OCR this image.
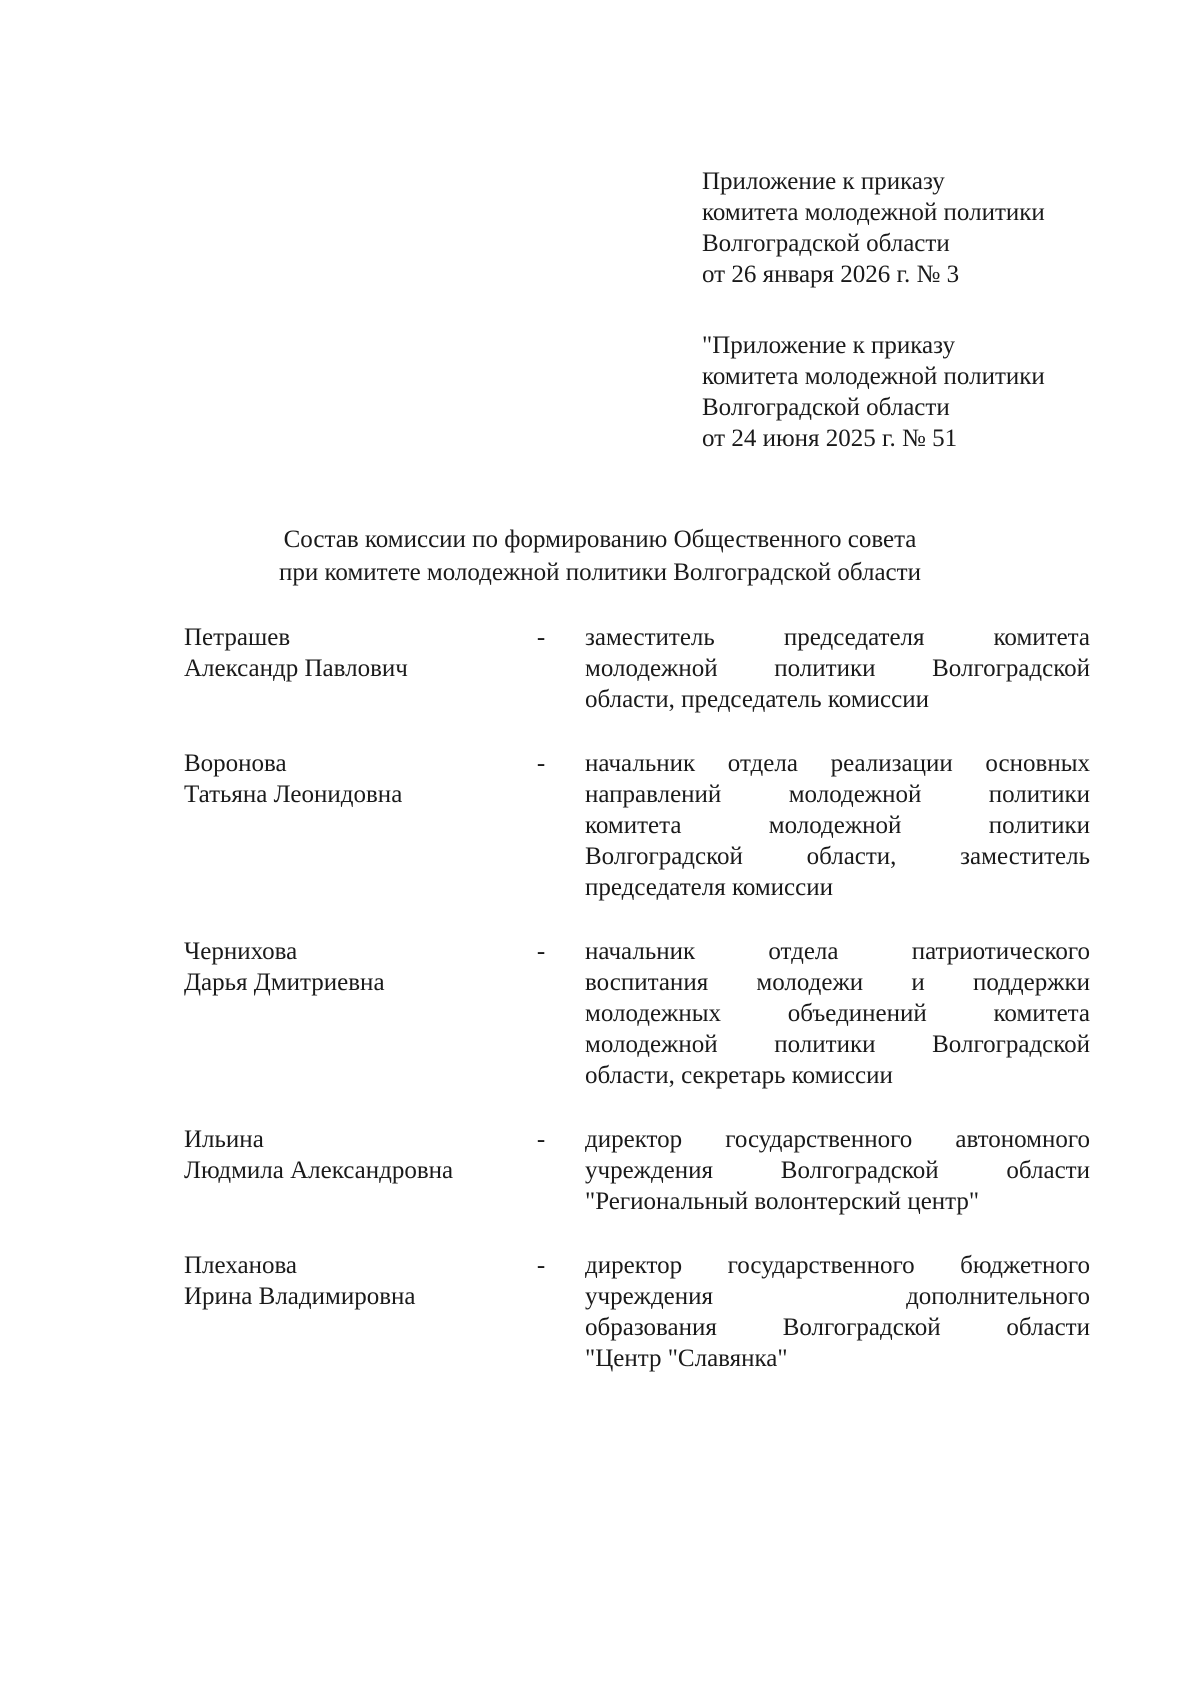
Приложение к приказу
комитета молодежной политики
Волгоградской области
от 26 января 2026 г. № 3
"Приложение к приказу
комитета молодежной политики
Волгоградской области
от 24 июня 2025 г. № 51
Состав комиссии по формированию Общественного совета
при комитете молодежной политики Волгоградской области
Петрашев
Александр Павлович
-	заместитель председателя комитета
молодежной политики Волгоградской
области, председатель комиссии
Воронова
Татьяна Леонидовна
-	начальник отдела реализации основных
направлений молодежной политики
комитета молодежной политики
Волгоградской области, заместитель
председателя комиссии
Чернихова
Дарья Дмитриевна
-	начальник отдела патриотического
воспитания молодежи и поддержки
молодежных объединений комитета
молодежной политики Волгоградской
области, секретарь комиссии
Ильина
Людмила Александровна
-	директор государственного автономного
учреждения Волгоградской области
"Региональный волонтерский центр"
Плеханова
Ирина Владимировна
-	директор государственного бюджетного
учреждения дополнительного
образования Волгоградской области
"Центр "Славянка"
